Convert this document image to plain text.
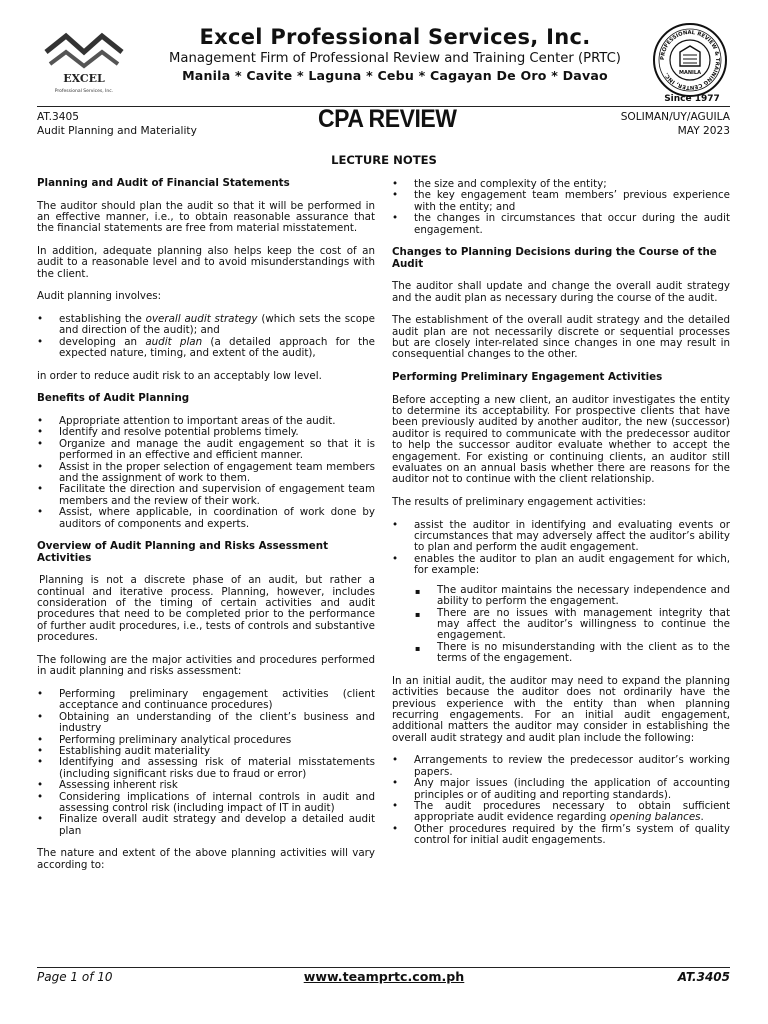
EXCEL
Professional Services, Inc.
Excel Professional Services, Inc.
Management Firm of Professional Review and Training Center (PRTC)
Manila * Cavite * Laguna * Cebu * Cagayan De Oro * Davao
PROFESSIONAL REVIEW & TRAINING CENTER, INC.	MANILA
Since 1977
AT.3405
Audit Planning and Materiality	CPA REVIEW	SOLIMAN/UY/AGUILA
MAY 2023
LECTURE NOTES
Planning and Audit of Financial Statements

The auditor should plan the audit so that it will be performed in an effective manner, i.e., to obtain reasonable assurance that the financial statements are free from material misstatement.

In addition, adequate planning also helps keep the cost of an audit to a reasonable level and to avoid misunderstandings with the client.

Audit planning involves:

• establishing the overall audit strategy (which sets the scope and direction of the audit); and
• developing an audit plan (a detailed approach for the expected nature, timing, and extent of the audit),

in order to reduce audit risk to an acceptably low level.

Benefits of Audit Planning
• Appropriate attention to important areas of the audit.
• Identify and resolve potential problems timely.
• Organize and manage the audit engagement so that it is performed in an effective and efficient manner.
• Assist in the proper selection of engagement team members and the assignment of work to them.
• Facilitate the direction and supervision of engagement team members and the review of their work.
• Assist, where applicable, in coordination of work done by auditors of components and experts.
Overview of Audit Planning and Risks Assessment Activities

Planning is not a discrete phase of an audit, but rather a continual and iterative process. Planning, however, includes consideration of the timing of certain activities and audit procedures that need to be completed prior to the performance of further audit procedures, i.e., tests of controls and substantive procedures.

The following are the major activities and procedures performed in audit planning and risks assessment:

• Performing preliminary engagement activities (client acceptance and continuance procedures)
• Obtaining an understanding of the client’s business and industry
• Performing preliminary analytical procedures
• Establishing audit materiality
• Identifying and assessing risk of material misstatements (including significant risks due to fraud or error)
• Assessing inherent risk
• Considering implications of internal controls in audit and assessing control risk (including impact of IT in audit)
• Finalize overall audit strategy and develop a detailed audit plan

The nature and extent of the above planning activities will vary according to:

• the size and complexity of the entity;
• the key engagement team members’ previous experience with the entity; and
• the changes in circumstances that occur during the audit engagement.
Changes to Planning Decisions during the Course of the Audit

The auditor shall update and change the overall audit strategy and the audit plan as necessary during the course of the audit.

The establishment of the overall audit strategy and the detailed audit plan are not necessarily discrete or sequential processes but are closely inter-related since changes in one may result in consequential changes to the other.

Performing Preliminary Engagement Activities

Before accepting a new client, an auditor investigates the entity to determine its acceptability. For prospective clients that have been previously audited by another auditor, the new (successor) auditor is required to communicate with the predecessor auditor to help the successor auditor evaluate whether to accept the engagement. For existing or continuing clients, an auditor still evaluates on an annual basis whether there are reasons for the auditor not to continue with the client relationship.

The results of preliminary engagement activities:

• assist the auditor in identifying and evaluating events or circumstances that may adversely affect the auditor’s ability to plan and perform the audit engagement.
• enables the auditor to plan an audit engagement for which, for example:
▪ The auditor maintains the necessary independence and ability to perform the engagement.
▪ There are no issues with management integrity that may affect the auditor’s willingness to continue the engagement.
▪ There is no misunderstanding with the client as to the terms of the engagement.

In an initial audit, the auditor may need to expand the planning activities because the auditor does not ordinarily have the previous experience with the entity than when planning recurring engagements. For an initial audit engagement, additional matters the auditor may consider in establishing the overall audit strategy and audit plan include the following:

• Arrangements to review the predecessor auditor’s working papers.
• Any major issues (including the application of accounting principles or of auditing and reporting standards).
• The audit procedures necessary to obtain sufficient appropriate audit evidence regarding opening balances.
• Other procedures required by the firm’s system of quality control for initial audit engagements.
Page 1 of 10	www.teamprtc.com.ph	AT.3405
